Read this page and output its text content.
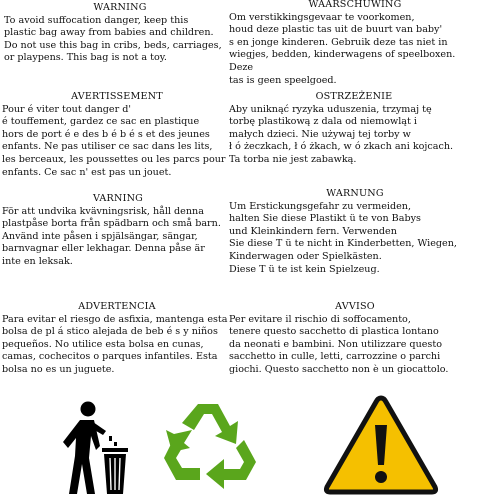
WARNING
To avoid suffocation danger, keep this
plastic bag away from babies and children.
Do not use this bag in cribs, beds, carriages,
or playpens. This bag is not a toy.
WAARSCHUWING
Om verstikkingsgevaar te voorkomen,
houd deze plastic tas uit de buurt van baby'
s en jonge kinderen. Gebruik deze tas niet in
wiegjes, bedden, kinderwagens of speelboxen. Deze
tas is geen speelgoed.
AVERTISSEMENT
Pour é viter tout danger d'
é touffement, gardez ce sac en plastique
hors de port é e des b é b é s et des jeunes
enfants. Ne pas utiliser ce sac dans les lits,
les berceaux, les poussettes ou les parcs pour
enfants. Ce sac n' est pas un jouet.
OSTRZEŻENIE
Aby uniknąć ryzyka uduszenia, trzymaj tę
torbę plastikową z dala od niemowląt i
małych dzieci. Nie używaj tej torby w
ł ó żeczkach, ł ó żkach, w ó zkach ani kojcach.
Ta torba nie jest zabawką.
VARNING
För att undvika kvävningsrisk, håll denna
plastpåse borta från spädbarn och små barn.
Använd inte påsen i spjälsängar, sängar,
barnvagnar eller lekhagar. Denna påse är
inte en leksak.
WARNUNG
Um Erstickungsgefahr zu vermeiden,
halten Sie diese Plastikt ü te von Babys
und Kleinkindern fern. Verwenden
Sie diese T ü te nicht in Kinderbetten, Wiegen,
Kinderwagen oder Spielkästen.
Diese T ü te ist kein Spielzeug.
ADVERTENCIA
Para evitar el riesgo de asfixia, mantenga esta
bolsa de pl á stico alejada de beb é s y niños
pequeños. No utilice esta bolsa en cunas,
camas, cochecitos o parques infantiles. Esta
bolsa no es un juguete.
AVVISO
Per evitare il rischio di soffocamento,
tenere questo sacchetto di plastica lontano
da neonati e bambini. Non utilizzare questo
sacchetto in culle, letti, carrozzine o parchi
giochi. Questo sacchetto non è un giocattolo.
